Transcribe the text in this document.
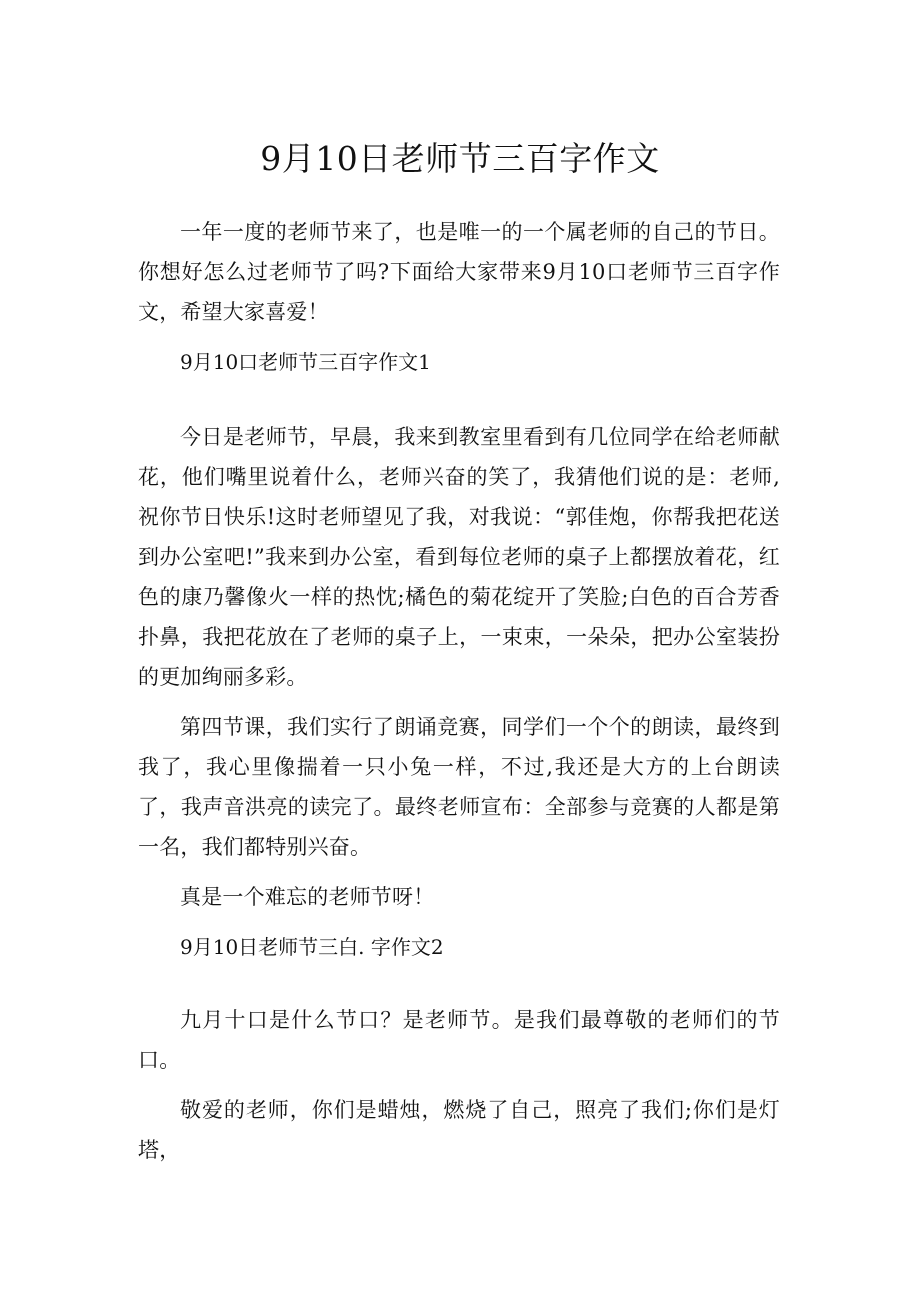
9月10日老师节三百字作文

一年一度的老师节来了，也是唯一的一个属老师的自己的节日。你想好怎么过老师节了吗?下面给大家带来9月10口老师节三百字作文，希望大家喜爱！

9月10口老师节三百字作文1

今日是老师节，早晨，我来到教室里看到有几位同学在给老师献花，他们嘴里说着什么，老师兴奋的笑了，我猜他们说的是：老师,祝你节日快乐!这时老师望见了我，对我说：“郭佳炮，你帮我把花送到办公室吧!”我来到办公室，看到每位老师的桌子上都摆放着花，红色的康乃馨像火一样的热忱;橘色的菊花绽开了笑脸;白色的百合芳香扑鼻，我把花放在了老师的桌子上，一束束，一朵朵，把办公室装扮的更加绚丽多彩。

第四节课，我们实行了朗诵竞赛，同学们一个个的朗读，最终到我了，我心里像揣着一只小兔一样，不过,我还是大方的上台朗读了，我声音洪亮的读完了。最终老师宣布：全部参与竞赛的人都是第一名，我们都特别兴奋。

真是一个难忘的老师节呀！

9月10日老师节三白. 字作文2

九月十口是什么节口？是老师节。是我们最尊敬的老师们的节口。

敬爱的老师，你们是蜡烛，燃烧了自己，照亮了我们;你们是灯塔，
